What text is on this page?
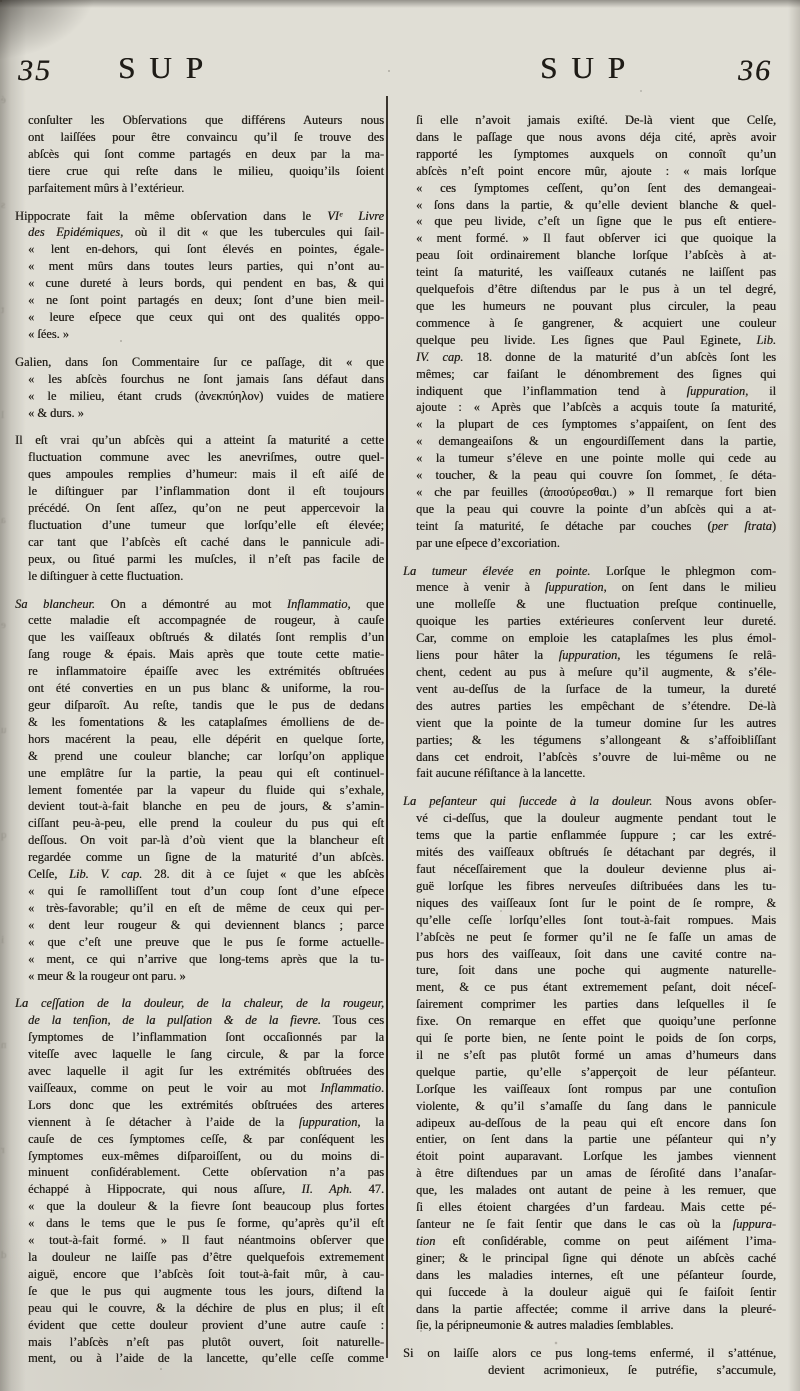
é
s
t
l
a
e
u
q
i
n
r
d
35 SUP	SUP	36
conſulter les Obſervations que différens Auteurs nous
ont laiſſées pour être convaincu qu’il ſe trouve des
abſcès qui ſont comme partagés en deux par la ma-
tiere crue qui reſte dans le milieu, quoiqu’ils ſoient
parfaitement mûrs à l’extérieur.
Hippocrate fait la même obſervation dans le VIᵉ Livre
des Epidémiques, où il dit « que les tubercules qui ſail-
« lent en-dehors, qui ſont élevés en pointes, égale-
« ment mûrs dans toutes leurs parties, qui n’ont au-
« cune dureté à leurs bords, qui pendent en bas, & qui
« ne ſont point partagés en deux; ſont d’une bien meil-
« leure eſpece que ceux qui ont des qualités oppo-
« ſées. »
Galien, dans ſon Commentaire ſur ce paſſage, dit « que
« les abſcès fourchus ne ſont jamais ſans défaut dans
« le milieu, étant cruds (ἀνεκπύηλον) vuides de matiere
« & durs. »
Il eſt vrai qu’un abſcès qui a atteint ſa maturité a cette
fluctuation commune avec les anevriſmes, outre quel-
ques ampoules remplies d’humeur: mais il eſt aiſé de
le diſtinguer par l’inflammation dont il eſt toujours
précédé. On ſent aſſez, qu’on ne peut appercevoir la
fluctuation d’une tumeur que lorſqu’elle eſt élevée;
car tant que l’abſcès eſt caché dans le pannicule adi-
peux, ou ſitué parmi les muſcles, il n’eſt pas facile de
le diſtinguer à cette fluctuation.
Sa blancheur. On a démontré au mot Inflammatio, que
cette maladie eſt accompagnée de rougeur, à cauſe
que les vaiſſeaux obſtrués & dilatés ſont remplis d’un
ſang rouge & épais. Mais après que toute cette matie-
re inflammatoire épaiſſe avec les extrémités obſtruées
ont été converties en un pus blanc & uniforme, la rou-
geur diſparoît. Au reſte, tandis que le pus de dedans
& les fomentations & les cataplaſmes émolliens de de-
hors macérent la peau, elle dépérit en quelque ſorte,
& prend une couleur blanche; car lorſqu’on applique
une emplâtre ſur la partie, la peau qui eſt continuel-
lement fomentée par la vapeur du fluide qui s’exhale,
devient tout-à-fait blanche en peu de jours, & s’amin-
ciſſant peu-à-peu, elle prend la couleur du pus qui eſt
deſſous. On voit par-là d’où vient que la blancheur eſt
regardée comme un ſigne de la maturité d’un abſcès.
Celſe, Lib. V. cap. 28. dit à ce ſujet « que les abſcès
« qui ſe ramolliſſent tout d’un coup ſont d’une eſpece
« très-favorable; qu’il en eſt de même de ceux qui per-
« dent leur rougeur & qui deviennent blancs ; parce
« que c’eſt une preuve que le pus ſe forme actuelle-
« ment, ce qui n’arrive que long-tems après que la tu-
« meur & la rougeur ont paru. »
La ceſſation de la douleur, de la chaleur, de la rougeur,
de la tenſion, de la pulſation & de la fievre. Tous ces
ſymptomes de l’inflammation ſont occaſionnés par la
viteſſe avec laquelle le ſang circule, & par la force
avec laquelle il agit ſur les extrémités obſtruées des
vaiſſeaux, comme on peut le voir au mot Inflammatio.
Lors donc que les extrémités obſtruées des arteres
viennent à ſe détacher à l’aide de la ſuppuration, la
cauſe de ces ſymptomes ceſſe, & par conſéquent les
ſymptomes eux-mêmes diſparoiſſent, ou du moins di-
minuent conſidérablement. Cette obſervation n’a pas
échappé à Hippocrate, qui nous aſſure, II. Aph. 47.
« que la douleur & la fievre ſont beaucoup plus fortes
« dans le tems que le pus ſe forme, qu’après qu’il eſt
« tout-à-fait formé. » Il faut néantmoins obſerver que
la douleur ne laiſſe pas d’être quelquefois extremement
aiguë, encore que l’abſcès ſoit tout-à-fait mûr, à cau-
ſe que le pus qui augmente tous les jours, diſtend la
peau qui le couvre, & la déchire de plus en plus; il eſt
évident que cette douleur provient d’une autre cauſe :
mais l’abſcès n’eſt pas plutôt ouvert, ſoit naturelle-
ment, ou à l’aide de la lancette, qu’elle ceſſe comme
ſi elle n’avoit jamais exiſté. De-là vient que Celſe,
dans le paſſage que nous avons déja cité, après avoir
rapporté les ſymptomes auxquels on connoît qu’un
abſcès n’eſt point encore mûr, ajoute : « mais lorſque
« ces ſymptomes ceſſent, qu’on ſent des demangeai-
« ſons dans la partie, & qu’elle devient blanche & quel-
« que peu livide, c’eſt un ſigne que le pus eſt entiere-
« ment formé. » Il faut obſerver ici que quoique la
peau ſoit ordinairement blanche lorſque l’abſcès à at-
teint ſa maturité, les vaiſſeaux cutanés ne laiſſent pas
quelquefois d’être diſtendus par le pus à un tel degré,
que les humeurs ne pouvant plus circuler, la peau
commence à ſe gangrener, & acquiert une couleur
quelque peu livide. Les ſignes que Paul Eginete, Lib.
IV. cap. 18. donne de la maturité d’un abſcès ſont les
mêmes; car faiſant le dénombrement des ſignes qui
indiquent que l’inflammation tend à ſuppuration, il
ajoute : « Après que l’abſcès a acquis toute ſa maturité,
« la plupart de ces ſymptomes s’appaiſent, on ſent des
« demangeaiſons & un engourdiſſement dans la partie,
« la tumeur s’éleve en une pointe molle qui cede au
« toucher, & la peau qui couvre ſon ſommet, ſe déta-
« che par feuilles (ἀποσύρεσθαι.) » Il remarque fort bien
que la peau qui couvre la pointe d’un abſcès qui a at-
teint ſa maturité, ſe détache par couches (per ſtrata)
par une eſpece d’excoriation.
La tumeur élevée en pointe. Lorſque le phlegmon com-
mence à venir à ſuppuration, on ſent dans le milieu
une molleſſe & une fluctuation preſque continuelle,
quoique les parties extérieures conſervent leur dureté.
Car, comme on emploie les cataplaſmes les plus émol-
liens pour hâter la ſuppuration, les tégumens ſe relâ-
chent, cedent au pus à meſure qu’il augmente, & s’éle-
vent au-deſſus de la ſurface de la tumeur, la dureté
des autres parties les empêchant de s’étendre. De-là
vient que la pointe de la tumeur domine ſur les autres
parties; & les tégumens s’allongeant & s’affoibliſſant
dans cet endroit, l’abſcès s’ouvre de lui-même ou ne
fait aucune réſiſtance à la lancette.
La peſanteur qui ſuccede à la douleur. Nous avons obſer-
vé ci-deſſus, que la douleur augmente pendant tout le
tems que la partie enflammée ſuppure ; car les extré-
mités des vaiſſeaux obſtrués ſe détachant par degrés, il
faut néceſſairement que la douleur devienne plus ai-
guë lorſque les fibres nerveuſes diſtribuées dans les tu-
niques des vaiſſeaux ſont ſur le point de ſe rompre, &
qu’elle ceſſe lorſqu’elles ſont tout-à-fait rompues. Mais
l’abſcès ne peut ſe former qu’il ne ſe faſſe un amas de
pus hors des vaiſſeaux, ſoit dans une cavité contre na-
ture, ſoit dans une poche qui augmente naturelle-
ment, & ce pus étant extremement peſant, doit néceſ-
ſairement comprimer les parties dans leſquelles il ſe
fixe. On remarque en effet que quoiqu’une perſonne
qui ſe porte bien, ne ſente point le poids de ſon corps,
il ne s’eſt pas plutôt formé un amas d’humeurs dans
quelque partie, qu’elle s’apperçoit de leur péſanteur.
Lorſque les vaiſſeaux ſont rompus par une contuſion
violente, & qu’il s’amaſſe du ſang dans le pannicule
adipeux au-deſſous de la peau qui eſt encore dans ſon
entier, on ſent dans la partie une péſanteur qui n’y
étoit point auparavant. Lorſque les jambes viennent
à être diſtendues par un amas de ſéroſité dans l’anaſar-
que, les malades ont autant de peine à les remuer, que
ſi elles étoient chargées d’un fardeau. Mais cette pé-
ſanteur ne ſe fait ſentir que dans le cas où la ſuppura-
tion eſt conſidérable, comme on peut aiſément l’ima-
giner; & le principal ſigne qui dénote un abſcès caché
dans les maladies internes, eſt une péſanteur ſourde,
qui ſuccede à la douleur aiguë qui ſe faiſoit ſentir
dans la partie affectée; comme il arrive dans la pleuré-
ſie, la péripneumonie & autres maladies ſemblables.
Si on laiſſe alors ce pus long-tems enfermé, il s’atténue,
devient acrimonieux, ſe putréfie, s’accumule,
